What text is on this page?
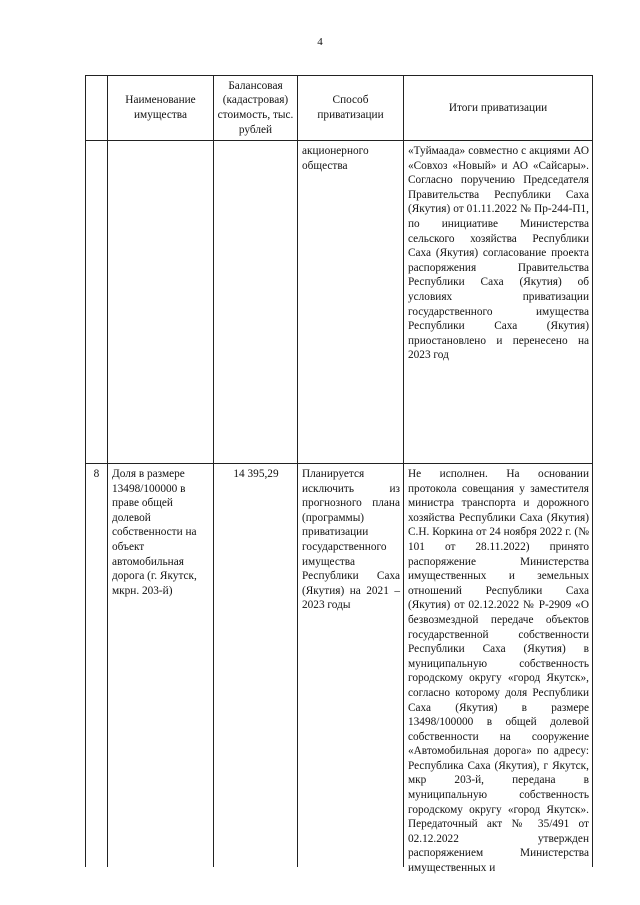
4
Наименование имущества
Балансовая (кадастровая) стоимость, тыс. рублей
Способ приватизации
Итоги приватизации
акционерного общества
«Туймаада» совместно с акциями АО «Совхоз «Новый» и АО «Сайсары». Согласно поручению Председателя Правительства Республики Саха (Якутия) от 01.11.2022 № Пр-244-П1, по инициативе Министерства сельского хозяйства Республики Саха (Якутия) согласование проекта распоряжения Правительства Республики Саха (Якутия) об условиях приватизации государственного имущества Республики Саха (Якутия) приостановлено и перенесено на 2023 год
8	Доля в размере 13498/100000 в праве общей долевой собственности на объект автомобильная дорога (г. Якутск, мкрн. 203-й)
14 395,29	Планируется исключить из прогнозного плана (программы) приватизации государственного имущества Республики Саха (Якутия) на 2021 – 2023 годы
Не исполнен. На основании протокола совещания у заместителя министра транспорта и дорожного хозяйства Республики Саха (Якутия) С.Н. Коркина от 24 ноября 2022 г. (№ 101 от 28.11.2022) принято распоряжение Министерства имущественных и земельных отношений Республики Саха (Якутия) от 02.12.2022 № Р-2909 «О безвозмездной передаче объектов государственной собственности Республики Саха (Якутия) в муниципальную собственность городскому округу «город Якутск», согласно которому доля Республики Саха (Якутия) в размере 13498/100000 в общей долевой собственности на сооружение «Автомобильная дорога» по адресу: Республика Саха (Якутия), г Якутск, мкр 203-й, передана в муниципальную собственность городскому округу «город Якутск». Передаточный акт № 35/491 от 02.12.2022 утвержден распоряжением Министерства имущественных и
